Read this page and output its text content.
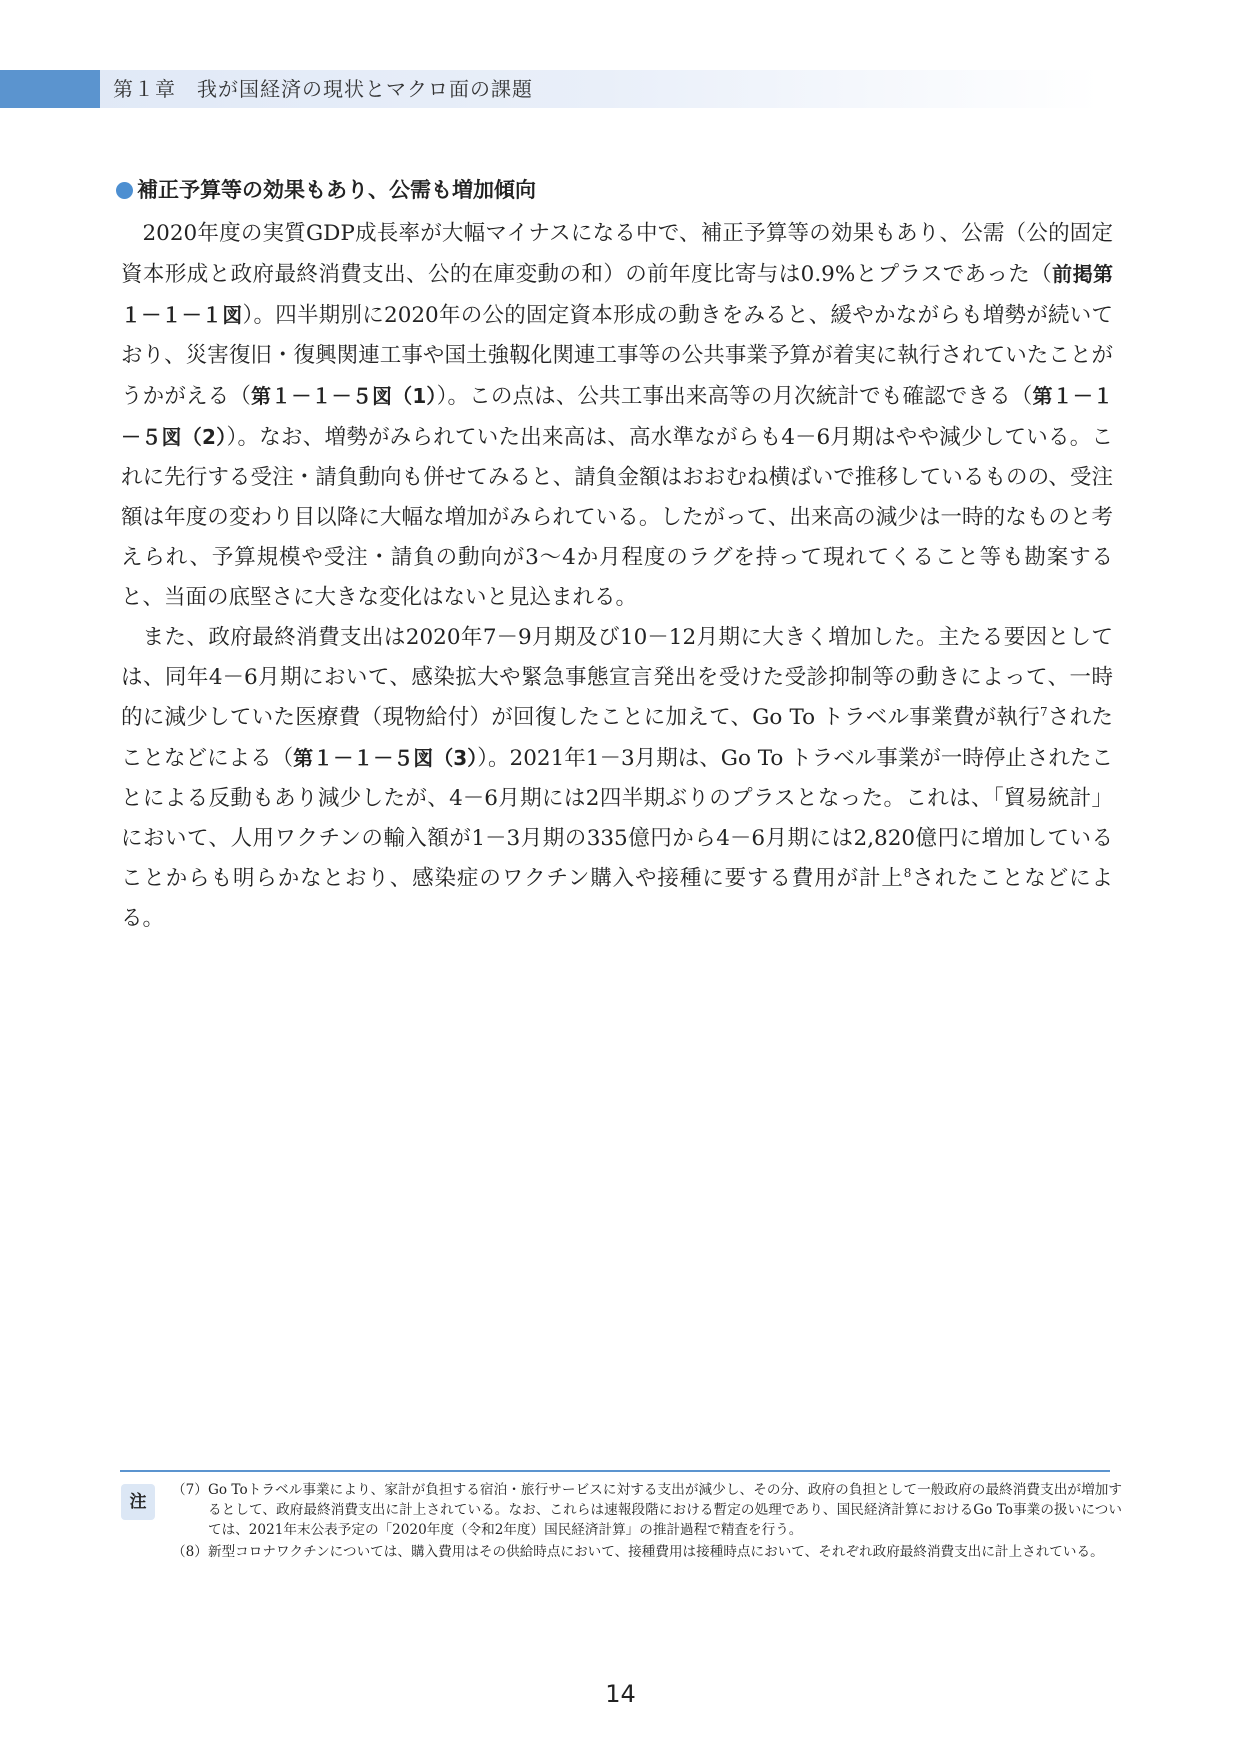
第１章　我が国経済の現状とマクロ面の課題
補正予算等の効果もあり、公需も増加傾向

2020年度の実質GDP成長率が大幅マイナスになる中で、補正予算等の効果もあり、公需（公的固定資本形成と政府最終消費支出、公的在庫変動の和）の前年度比寄与は0.9%とプラスであった（前掲第１－１－１図）。四半期別に2020年の公的固定資本形成の動きをみると、緩やかながらも増勢が続いており、災害復旧・復興関連工事や国土強靱化関連工事等の公共事業予算が着実に執行されていたことがうかがえる（第１－１－５図（1））。この点は、公共工事出来高等の月次統計でも確認できる（第１－１－５図（2））。なお、増勢がみられていた出来高は、高水準ながらも4－6月期はやや減少している。これに先行する受注・請負動向も併せてみると、請負金額はおおむね横ばいで推移しているものの、受注額は年度の変わり目以降に大幅な増加がみられている。したがって、出来高の減少は一時的なものと考えられ、予算規模や受注・請負の動向が3～4か月程度のラグを持って現れてくること等も勘案すると、当面の底堅さに大きな変化はないと見込まれる。

また、政府最終消費支出は2020年7－9月期及び10－12月期に大きく増加した。主たる要因としては、同年4－6月期において、感染拡大や緊急事態宣言発出を受けた受診抑制等の動きによって、一時的に減少していた医療費（現物給付）が回復したことに加えて、Go To トラベル事業費が執行$^7$されたことなどによる（第１－１－５図（3））。2021年1－3月期は、Go To トラベル事業が一時停止されたことによる反動もあり減少したが、4－6月期には2四半期ぶりのプラスとなった。これは、「貿易統計」において、人用ワクチンの輸入額が1－3月期の335億円から4－6月期には2,820億円に増加していることからも明らかなとおり、感染症のワクチン購入や接種に要する費用が計上$^8$されたことなどによる。

注
（7） Go Toトラベル事業により、家計が負担する宿泊・旅行サービスに対する支出が減少し、その分、政府の負担として一般政府の最終消費支出が増加するとして、政府最終消費支出に計上されている。なお、これらは速報段階における暫定の処理であり、国民経済計算におけるGo To事業の扱いについては、2021年末公表予定の「2020年度（令和2年度）国民経済計算」の推計過程で精査を行う。
（8） 新型コロナワクチンについては、購入費用はその供給時点において、接種費用は接種時点において、それぞれ政府最終消費支出に計上されている。
14
